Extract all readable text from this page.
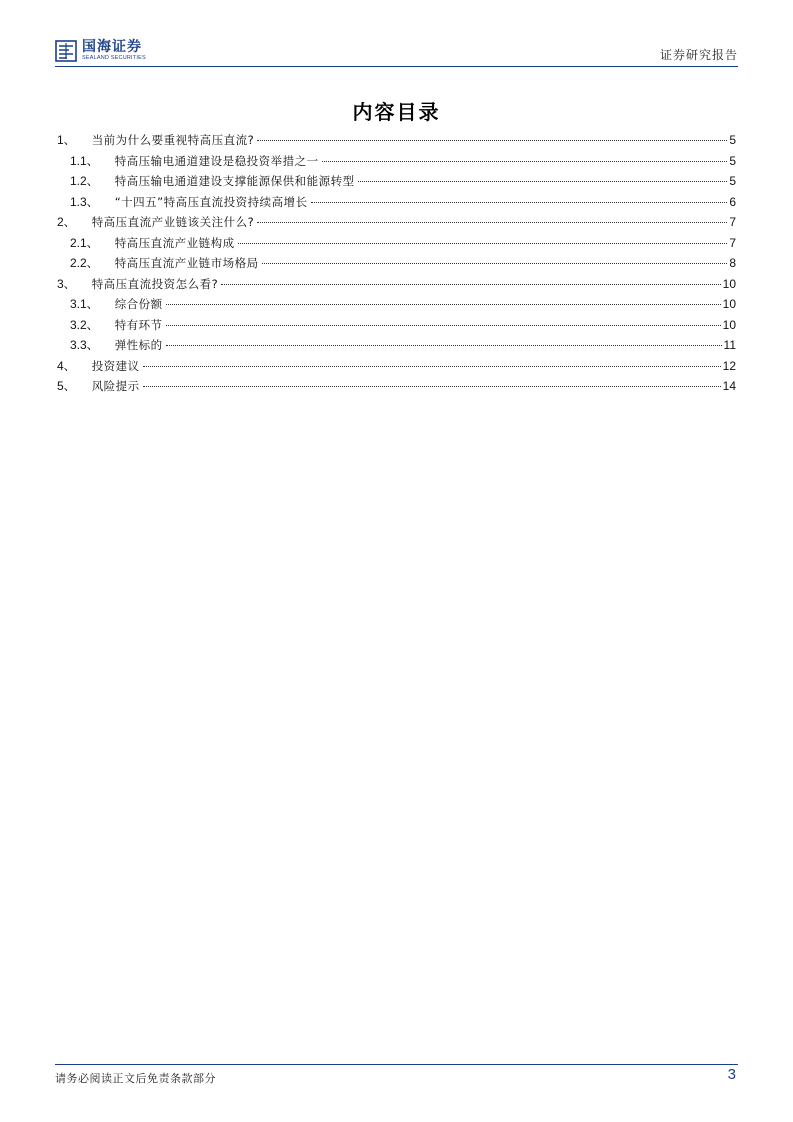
国海证券
SEALAND SECURITIES	证券研究报告
内容目录
1、 当前为什么要重视特高压直流?	5
1.1、 特高压输电通道建设是稳投资举措之一	5
1.2、 特高压输电通道建设支撑能源保供和能源转型	5
1.3、 “十四五”特高压直流投资持续高增长	6
2、 特高压直流产业链该关注什么?	7
2.1、 特高压直流产业链构成	7
2.2、 特高压直流产业链市场格局	8
3、 特高压直流投资怎么看?	10
3.1、 综合份额	10
3.2、 特有环节	10
3.3、 弹性标的	11
4、 投资建议	12
5、 风险提示	14
请务必阅读正文后免责条款部分	3
